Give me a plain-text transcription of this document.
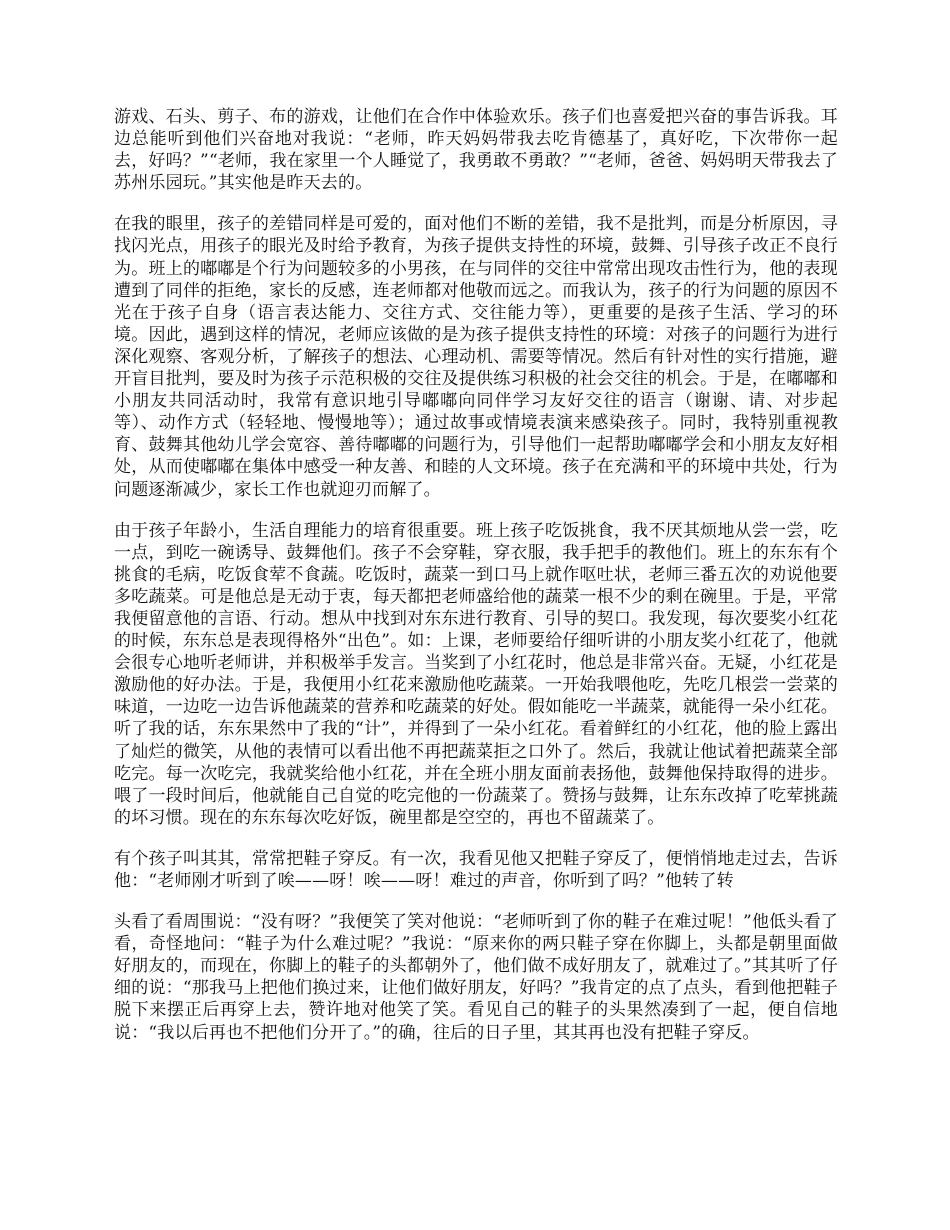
游戏、石头、剪子、布的游戏，让他们在合作中体验欢乐。孩子们也喜爱把兴奋的事告诉我。耳边总能听到他们兴奋地对我说：“老师，昨天妈妈带我去吃肯德基了，真好吃，下次带你一起去，好吗？”“老师，我在家里一个人睡觉了，我勇敢不勇敢？”“老师，爸爸、妈妈明天带我去了苏州乐园玩。”其实他是昨天去的。

在我的眼里，孩子的差错同样是可爱的，面对他们不断的差错，我不是批判，而是分析原因，寻找闪光点，用孩子的眼光及时给予教育，为孩子提供支持性的环境，鼓舞、引导孩子改正不良行为。班上的嘟嘟是个行为问题较多的小男孩，在与同伴的交往中常常出现攻击性行为，他的表现遭到了同伴的拒绝，家长的反感，连老师都对他敬而远之。而我认为，孩子的行为问题的原因不光在于孩子自身（语言表达能力、交往方式、交往能力等），更重要的是孩子生活、学习的环境。因此，遇到这样的情况，老师应该做的是为孩子提供支持性的环境：对孩子的问题行为进行深化观察、客观分析，了解孩子的想法、心理动机、需要等情况。然后有针对性的实行措施，避开盲目批判，要及时为孩子示范积极的交往及提供练习积极的社会交往的机会。于是，在嘟嘟和小朋友共同活动时，我常有意识地引导嘟嘟向同伴学习友好交往的语言（谢谢、请、对步起等）、动作方式（轻轻地、慢慢地等）；通过故事或情境表演来感染孩子。同时，我特别重视教育、鼓舞其他幼儿学会宽容、善待嘟嘟的问题行为，引导他们一起帮助嘟嘟学会和小朋友友好相处，从而使嘟嘟在集体中感受一种友善、和睦的人文环境。孩子在充满和平的环境中共处，行为问题逐渐减少，家长工作也就迎刃而解了。

由于孩子年龄小，生活自理能力的培育很重要。班上孩子吃饭挑食，我不厌其烦地从尝一尝，吃一点，到吃一碗诱导、鼓舞他们。孩子不会穿鞋，穿衣服，我手把手的教他们。班上的东东有个挑食的毛病，吃饭食荤不食蔬。吃饭时，蔬菜一到口马上就作呕吐状，老师三番五次的劝说他要多吃蔬菜。可是他总是无动于衷，每天都把老师盛给他的蔬菜一根不少的剩在碗里。于是，平常我便留意他的言语、行动。想从中找到对东东进行教育、引导的契口。我发现，每次要奖小红花的时候，东东总是表现得格外“出色”。如：上课，老师要给仔细听讲的小朋友奖小红花了，他就会很专心地听老师讲，并积极举手发言。当奖到了小红花时，他总是非常兴奋。无疑，小红花是激励他的好办法。于是，我便用小红花来激励他吃蔬菜。一开始我喂他吃，先吃几根尝一尝菜的味道，一边吃一边告诉他蔬菜的营养和吃蔬菜的好处。假如能吃一半蔬菜，就能得一朵小红花。听了我的话，东东果然中了我的“计”，并得到了一朵小红花。看着鲜红的小红花，他的脸上露出了灿烂的微笑，从他的表情可以看出他不再把蔬菜拒之口外了。然后，我就让他试着把蔬菜全部吃完。每一次吃完，我就奖给他小红花，并在全班小朋友面前表扬他，鼓舞他保持取得的进步。喂了一段时间后，他就能自己自觉的吃完他的一份蔬菜了。赞扬与鼓舞，让东东改掉了吃荤挑蔬的坏习惯。现在的东东每次吃好饭，碗里都是空空的，再也不留蔬菜了。

有个孩子叫其其，常常把鞋子穿反。有一次，我看见他又把鞋子穿反了，便悄悄地走过去，告诉他：“老师刚才听到了唉——呀！唉——呀！难过的声音，你听到了吗？”他转了转

头看了看周围说：“没有呀？”我便笑了笑对他说：“老师听到了你的鞋子在难过呢！”他低头看了看，奇怪地问：“鞋子为什么难过呢？”我说：“原来你的两只鞋子穿在你脚上，头都是朝里面做好朋友的，而现在，你脚上的鞋子的头都朝外了，他们做不成好朋友了，就难过了。”其其听了仔细的说：“那我马上把他们换过来，让他们做好朋友，好吗？”我肯定的点了点头，看到他把鞋子脱下来摆正后再穿上去，赞许地对他笑了笑。看见自己的鞋子的头果然凑到了一起，便自信地说：“我以后再也不把他们分开了。”的确，往后的日子里，其其再也没有把鞋子穿反。
